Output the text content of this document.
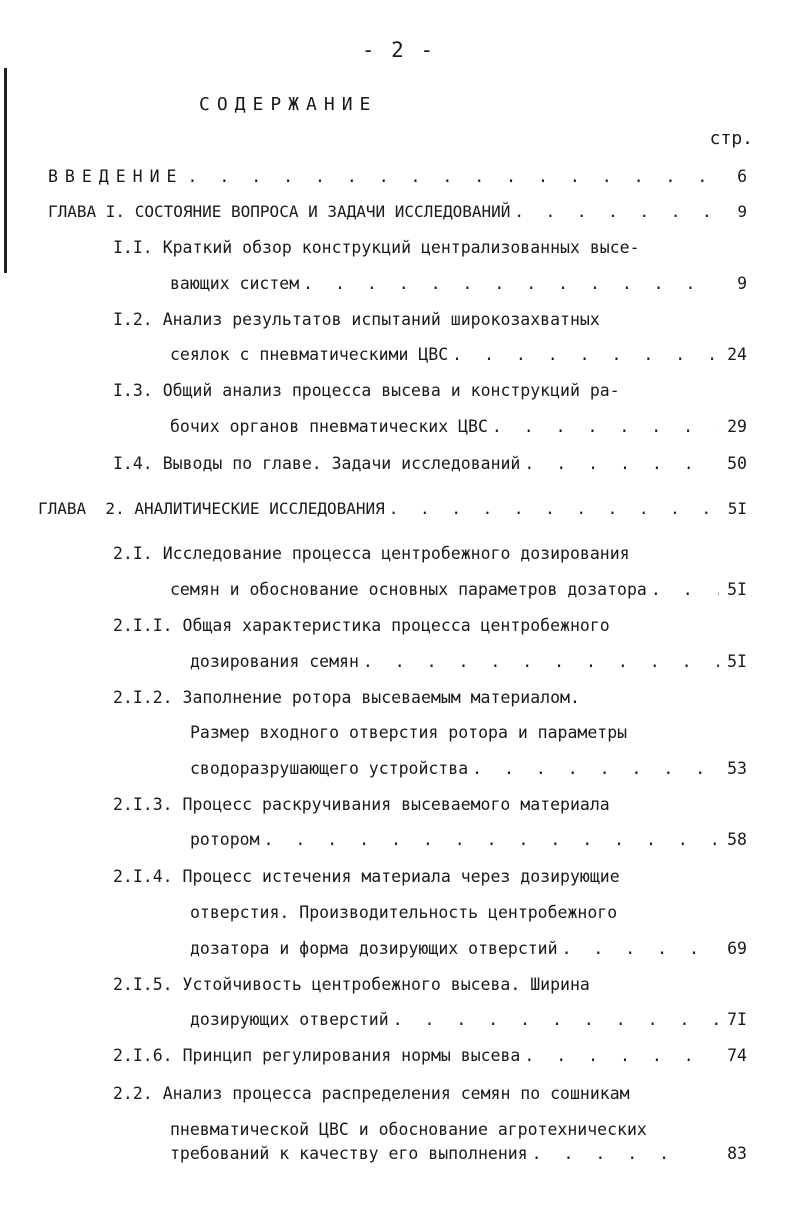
- 2 -
СОДЕРЖАНИЕ
стр.
ВВЕДЕНИЕ . . .	6
ГЛАВА I. СОСТОЯНИЕ ВОПРОСА И ЗАДАЧИ ИССЛЕДОВАНИЙ . . .	9
I.I. Краткий обзор конструкций централизованных высе-
вающих систем . . .	9
I.2. Анализ результатов испытаний широкозахватных
сеялок с пневматическими ЦВС . . .	24
I.3. Общий анализ процесса высева и конструкций ра-
бочих органов пневматических ЦВС . . .	29
I.4. Выводы по главе. Задачи исследований . . .	50
ГЛАВА  2. АНАЛИТИЧЕСКИЕ ИССЛЕДОВАНИЯ . . .	5I
2.I. Исследование процесса центробежного дозирования
семян и обоснование основных параметров дозатора . . .	5I
2.I.I. Общая характеристика процесса центробежного
дозирования семян . . .	5I
2.I.2. Заполнение ротора высеваемым материалом.
Размер входного отверстия ротора и параметры
сводоразрушающего устройства . . .	53
2.I.3. Процесс раскручивания высеваемого материала
ротором . . .	58
2.I.4. Процесс истечения материала через дозирующие
отверстия. Производительность центробежного
дозатора и форма дозирующих отверстий . . .	69
2.I.5. Устойчивость центробежного высева. Ширина
дозирующих отверстий . . .	7I
2.I.6. Принцип регулирования нормы высева . . .	74
2.2. Анализ процесса распределения семян по сошникам
пневматической ЦВС и обоснование агротехнических
требований к качеству его выполнения . . .	83
